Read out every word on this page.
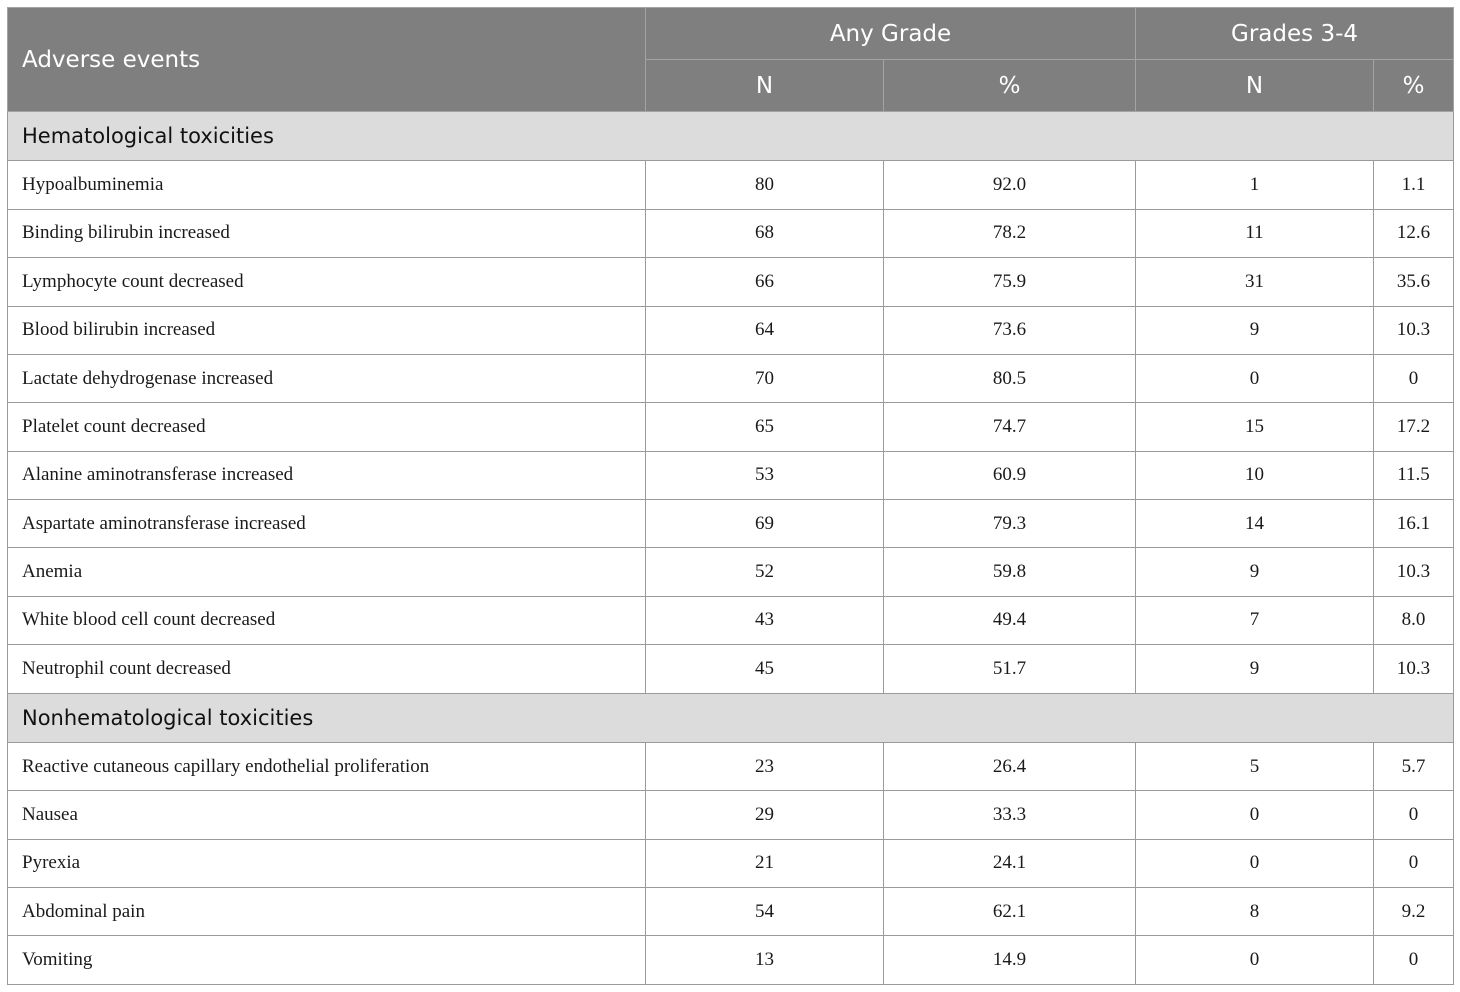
Adverse events	Any Grade		Grades 3-4	
	N	%	N	%
Hematological toxicities				
Hypoalbuminemia	80	92.0	1	1.1
Binding bilirubin increased	68	78.2	11	12.6
Lymphocyte count decreased	66	75.9	31	35.6
Blood bilirubin increased	64	73.6	9	10.3
Lactate dehydrogenase increased	70	80.5	0	0
Platelet count decreased	65	74.7	15	17.2
Alanine aminotransferase increased	53	60.9	10	11.5
Aspartate aminotransferase increased	69	79.3	14	16.1
Anemia	52	59.8	9	10.3
White blood cell count decreased	43	49.4	7	8.0
Neutrophil count decreased	45	51.7	9	10.3
Nonhematological toxicities				
Reactive cutaneous capillary endothelial proliferation	23	26.4	5	5.7
Nausea	29	33.3	0	0
Pyrexia	21	24.1	0	0
Abdominal pain	54	62.1	8	9.2
Vomiting	13	14.9	0	0
